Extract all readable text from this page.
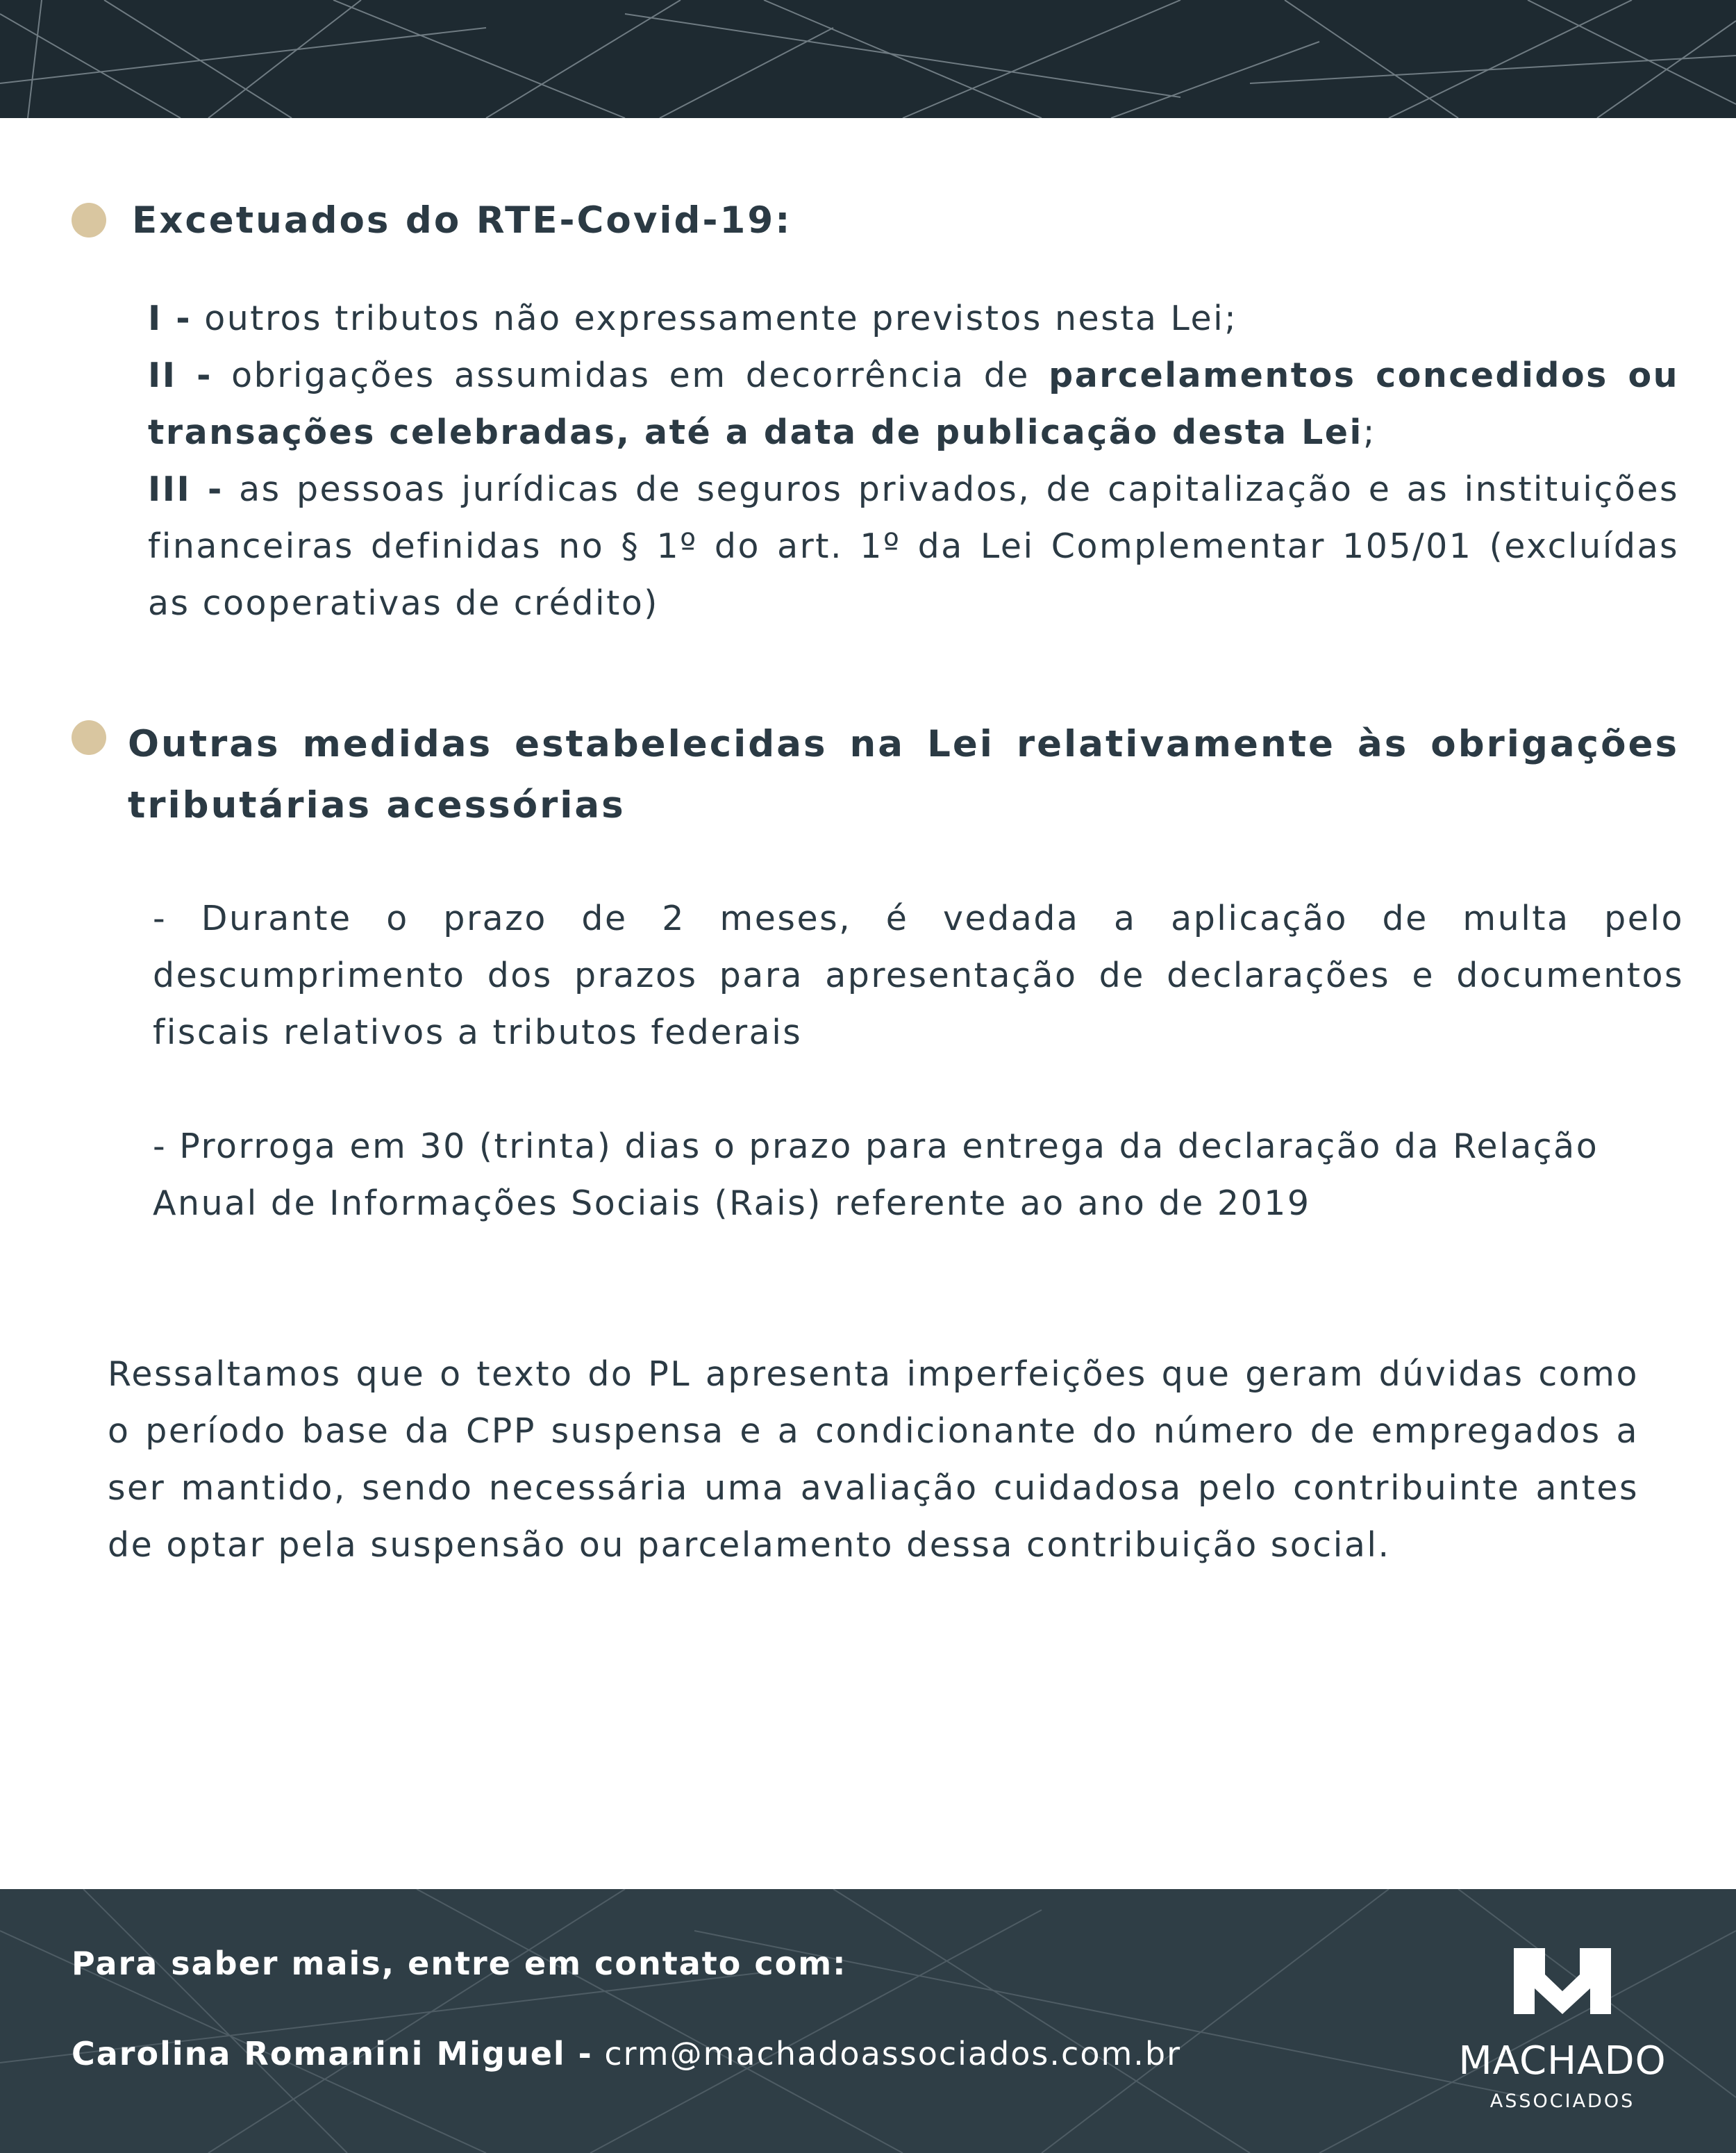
Excetuados do RTE-Covid-19:
I - outros tributos não expressamente previstos nesta Lei;
II - obrigações assumidas em decorrência de parcelamentos concedidos ou transações celebradas, até a data de publicação desta Lei;
III - as pessoas jurídicas de seguros privados, de capitalização e as instituições financeiras definidas no § 1º do art. 1º da Lei Complementar 105/01 (excluídas as cooperativas de crédito)
Outras medidas estabelecidas na Lei relativamente às obrigações tributárias acessórias
- Durante o prazo de 2 meses, é vedada a aplicação de multa pelo descumprimento dos prazos para apresentação de declarações e documentos fiscais relativos a tributos federais
- Prorroga em 30 (trinta) dias o prazo para entrega da declaração da Relação Anual de Informações Sociais (Rais) referente ao ano de 2019
Ressaltamos que o texto do PL apresenta imperfeições que geram dúvidas como o período base da CPP suspensa e a condicionante do número de empregados a ser mantido, sendo necessária uma avaliação cuidadosa pelo contribuinte antes de optar pela suspensão ou parcelamento dessa contribuição social.
Para saber mais, entre em contato com:
Carolina Romanini Miguel - crm@machadoassociados.com.br	MACHADO
ASSOCIADOS
